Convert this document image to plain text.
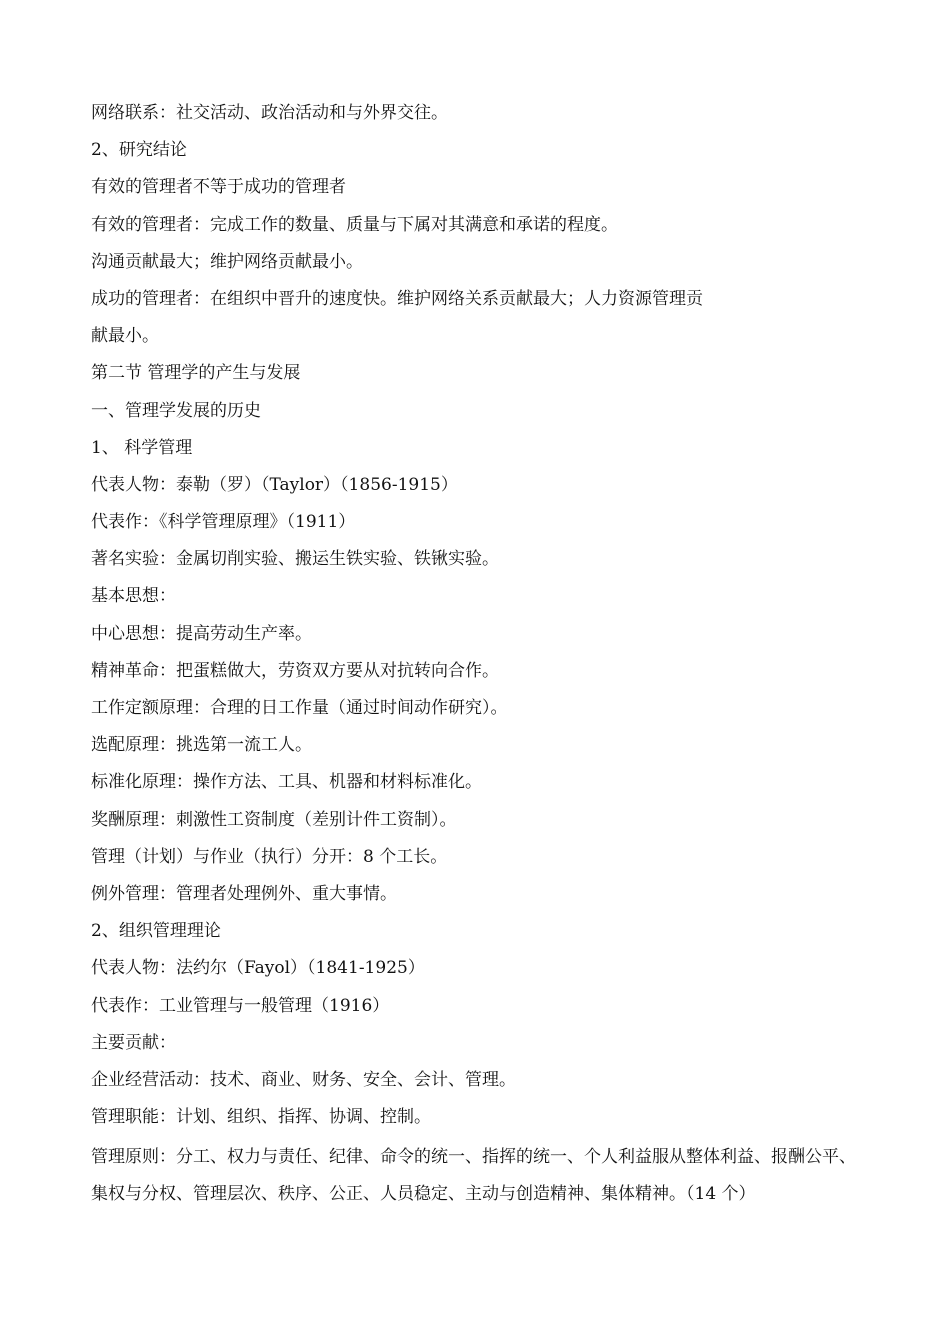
网络联系：社交活动、政治活动和与外界交往。

2、研究结论

有效的管理者不等于成功的管理者

有效的管理者：完成工作的数量、质量与下属对其满意和承诺的程度。

沟通贡献最大；维护网络贡献最小。

成功的管理者：在组织中晋升的速度快。维护网络关系贡献最大；人力资源管理贡

献最小。

第二节 管理学的产生与发展

一、管理学发展的历史

1、 科学管理

代表人物：泰勒（罗）（Taylor）（1856-1915）

代表作：《科学管理原理》（1911）

著名实验：金属切削实验、搬运生铁实验、铁锹实验。

基本思想：

中心思想：提高劳动生产率。

精神革命：把蛋糕做大，劳资双方要从对抗转向合作。

工作定额原理：合理的日工作量（通过时间动作研究）。

选配原理：挑选第一流工人。

标准化原理：操作方法、工具、机器和材料标准化。

奖酬原理：刺激性工资制度（差别计件工资制）。

管理（计划）与作业（执行）分开：8 个工长。

例外管理：管理者处理例外、重大事情。

2、组织管理理论

代表人物：法约尔（Fayol）（1841-1925）

代表作：工业管理与一般管理（1916）

主要贡献：

企业经营活动：技术、商业、财务、安全、会计、管理。

管理职能：计划、组织、指挥、协调、控制。

管理原则：分工、权力与责任、纪律、命令的统一、指挥的统一、个人利益服从整体利益、报酬公平、集权与分权、管理层次、秩序、公正、人员稳定、主动与创造精神、集体精神。（14 个）
